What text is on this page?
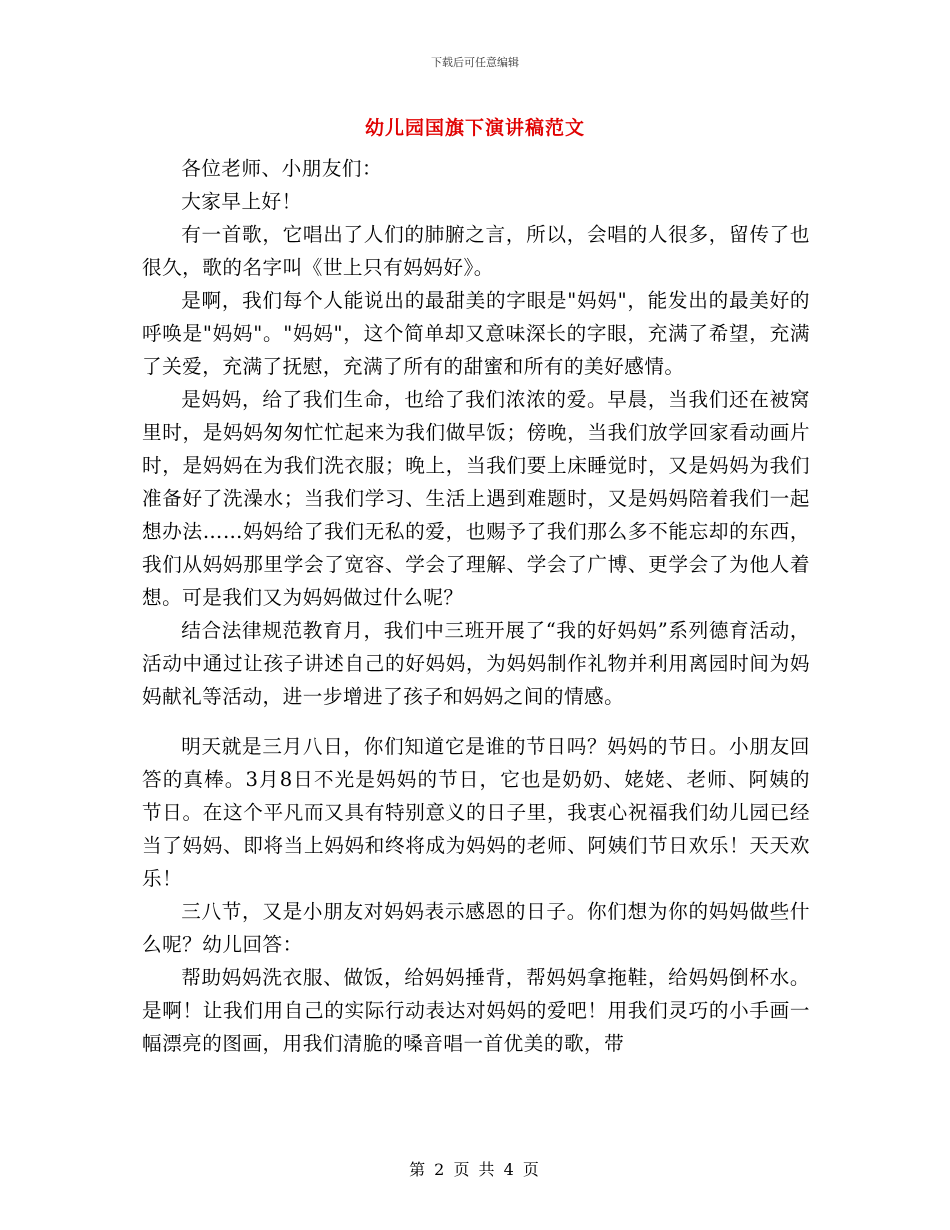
下载后可任意编辑
幼儿园国旗下演讲稿范文

各位老师、小朋友们：

大家早上好！

有一首歌，它唱出了人们的肺腑之言，所以，会唱的人很多，留传了也很久，歌的名字叫《世上只有妈妈好》。

是啊，我们每个人能说出的最甜美的字眼是"妈妈"，能发出的最美好的呼唤是"妈妈"。"妈妈"，这个简单却又意味深长的字眼，充满了希望，充满了关爱，充满了抚慰，充满了所有的甜蜜和所有的美好感情。

是妈妈，给了我们生命，也给了我们浓浓的爱。早晨，当我们还在被窝里时，是妈妈匆匆忙忙起来为我们做早饭；傍晚，当我们放学回家看动画片时，是妈妈在为我们洗衣服；晚上，当我们要上床睡觉时，又是妈妈为我们准备好了洗澡水；当我们学习、生活上遇到难题时，又是妈妈陪着我们一起想办法……妈妈给了我们无私的爱，也赐予了我们那么多不能忘却的东西，我们从妈妈那里学会了宽容、学会了理解、学会了广博、更学会了为他人着想。可是我们又为妈妈做过什么呢？

结合法律规范教育月，我们中三班开展了“我的好妈妈”系列德育活动，活动中通过让孩子讲述自己的好妈妈，为妈妈制作礼物并利用离园时间为妈妈献礼等活动，进一步增进了孩子和妈妈之间的情感。

明天就是三月八日，你们知道它是谁的节日吗？妈妈的节日。小朋友回答的真棒。3月8日不光是妈妈的节日，它也是奶奶、姥姥、老师、阿姨的节日。在这个平凡而又具有特别意义的日子里，我衷心祝福我们幼儿园已经当了妈妈、即将当上妈妈和终将成为妈妈的老师、阿姨们节日欢乐！天天欢乐！

三八节，又是小朋友对妈妈表示感恩的日子。你们想为你的妈妈做些什么呢？幼儿回答：

帮助妈妈洗衣服、做饭，给妈妈捶背，帮妈妈拿拖鞋，给妈妈倒杯水。是啊！让我们用自己的实际行动表达对妈妈的爱吧！用我们灵巧的小手画一幅漂亮的图画，用我们清脆的嗓音唱一首优美的歌，带

第 2 页 共 4 页
